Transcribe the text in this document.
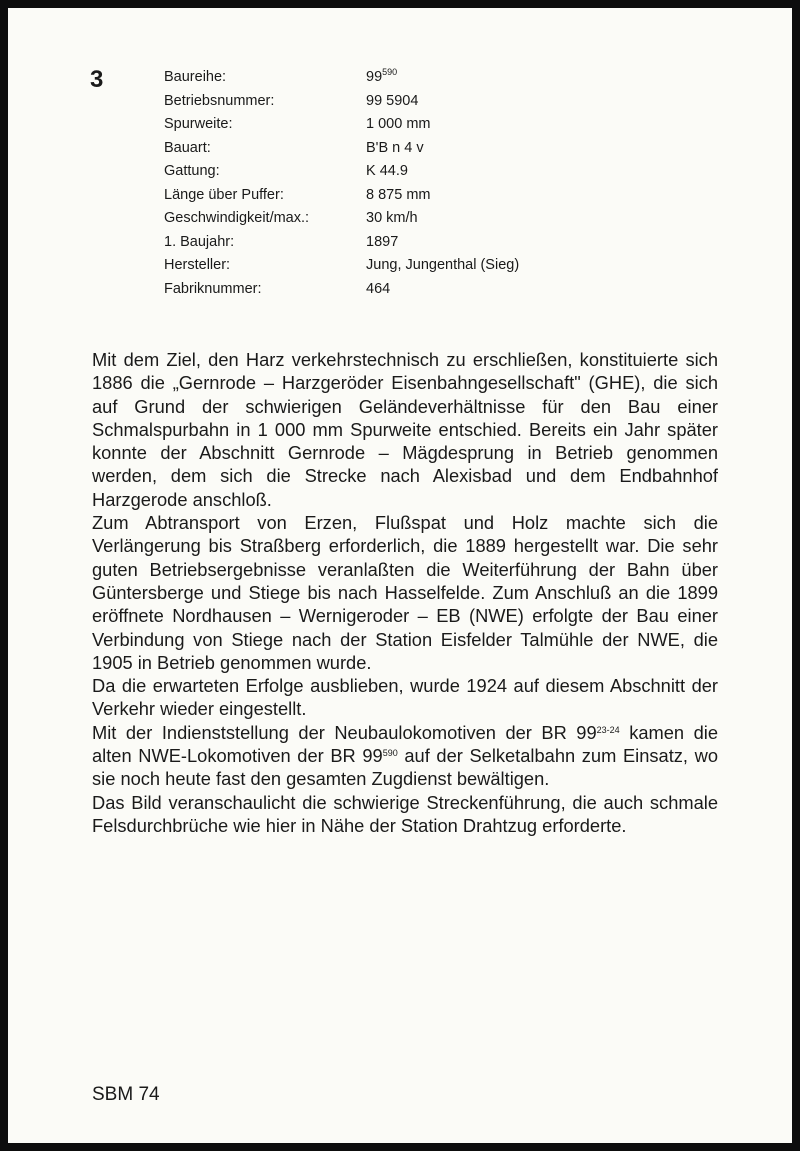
3	Baureihe:	$99^{590}$
Betriebsnummer:	99 5904
Spurweite:	1 000 mm
Bauart:	B'B n 4 v
Gattung:	K 44.9
Länge über Puffer:	8 875 mm
Geschwindigkeit/max.:	30 km/h
1. Baujahr:	1897
Hersteller:	Jung, Jungenthal (Sieg)
Fabriknummer:	464
Mit dem Ziel, den Harz verkehrstechnisch zu erschließen, konstituierte sich 1886 die „Gernrode – Harzgeröder Eisenbahngesellschaft" (GHE), die sich auf Grund der schwierigen Geländeverhältnisse für den Bau einer Schmalspurbahn in 1 000 mm Spurweite entschied. Bereits ein Jahr später konnte der Abschnitt Gernrode – Mägdesprung in Betrieb genommen werden, dem sich die Strecke nach Alexisbad und dem Endbahnhof Harzgerode anschloß.
Zum Abtransport von Erzen, Flußspat und Holz machte sich die Verlängerung bis Straßberg erforderlich, die 1889 hergestellt war. Die sehr guten Betriebsergebnisse veranlaßten die Weiterführung der Bahn über Güntersberge und Stiege bis nach Hasselfelde. Zum Anschluß an die 1899 eröffnete Nordhausen – Wernigeroder – EB (NWE) erfolgte der Bau einer Verbindung von Stiege nach der Station Eisfelder Talmühle der NWE, die 1905 in Betrieb genommen wurde.
Da die erwarteten Erfolge ausblieben, wurde 1924 auf diesem Abschnitt der Verkehr wieder eingestellt.
Mit der Indienststellung der Neubaulokomotiven der BR 99$^{23-24}$ kamen die alten NWE-Lokomotiven der BR $99^{590}$ auf der Selketalbahn zum Einsatz, wo sie noch heute fast den gesamten Zugdienst bewältigen.
Das Bild veranschaulicht die schwierige Streckenführung, die auch schmale Felsdurchbrüche wie hier in Nähe der Station Drahtzug erforderte.
SBM 74
